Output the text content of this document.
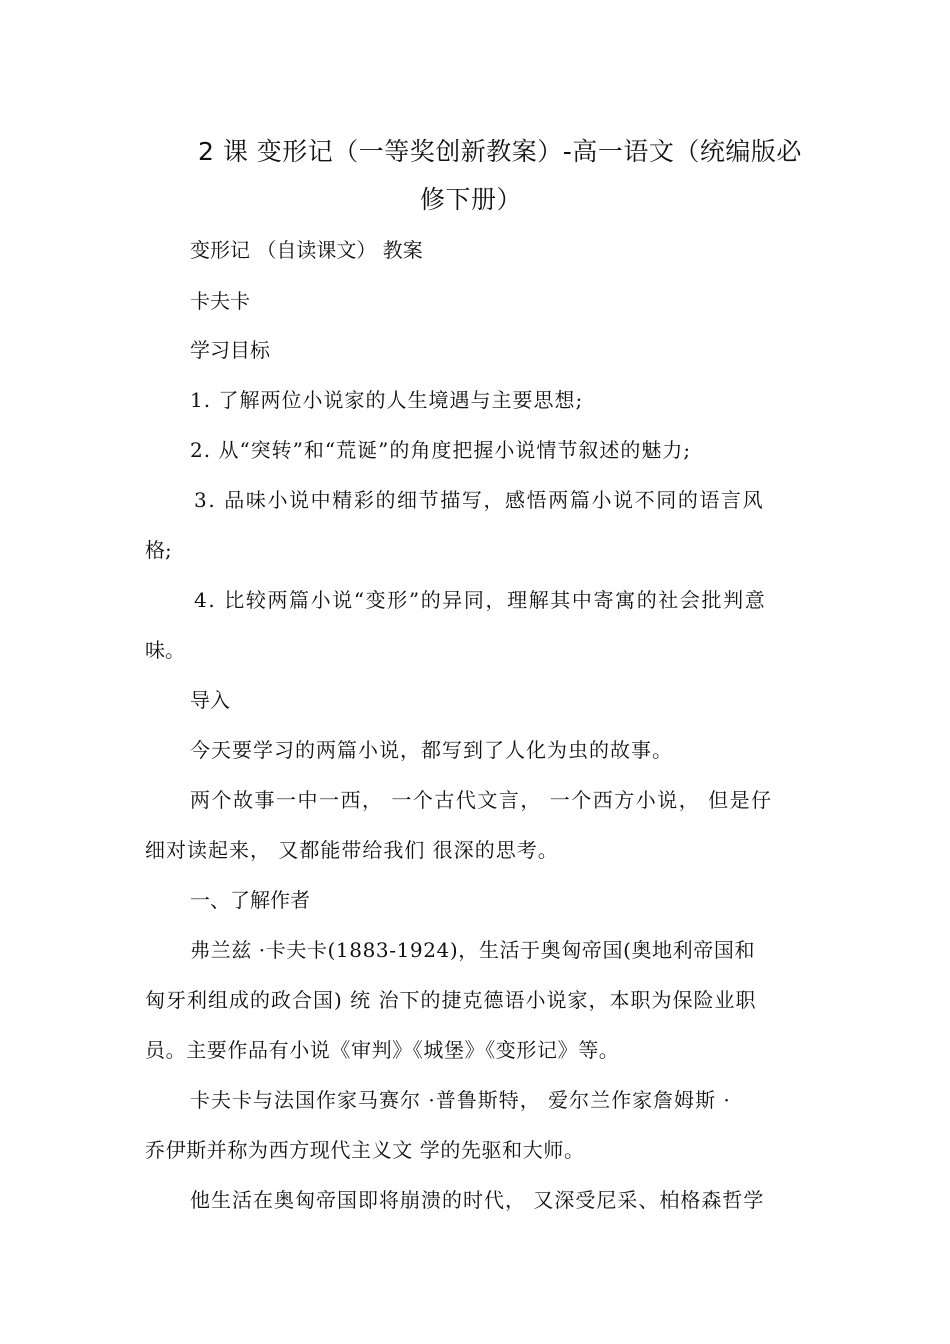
2 课 变形记（一等奖创新教案）-高一语文（统编版必
修下册）
变形记 （自读课文） 教案
卡夫卡
学习目标
1. 了解两位小说家的人生境遇与主要思想;
2. 从“突转”和“荒诞”的角度把握小说情节叙述的魅力;
3. 品味小说中精彩的细节描写，感悟两篇小说不同的语言风
格;
4. 比较两篇小说“变形”的异同，理解其中寄寓的社会批判意
味。
导入
今天要学习的两篇小说，都写到了人化为虫的故事。
两个故事一中一西， 一个古代文言， 一个西方小说， 但是仔
细对读起来， 又都能带给我们 很深的思考。
一、了解作者
弗兰兹 ·卡夫卡(1883-1924)，生活于奥匈帝国(奥地利帝国和
匈牙利组成的政合国) 统 治下的捷克德语小说家，本职为保险业职
员。主要作品有小说《审判》《城堡》《变形记》等。
卡夫卡与法国作家马赛尔 ·普鲁斯特， 爱尔兰作家詹姆斯 ·
乔伊斯并称为西方现代主义文 学的先驱和大师。
他生活在奥匈帝国即将崩溃的时代， 又深受尼采、柏格森哲学
